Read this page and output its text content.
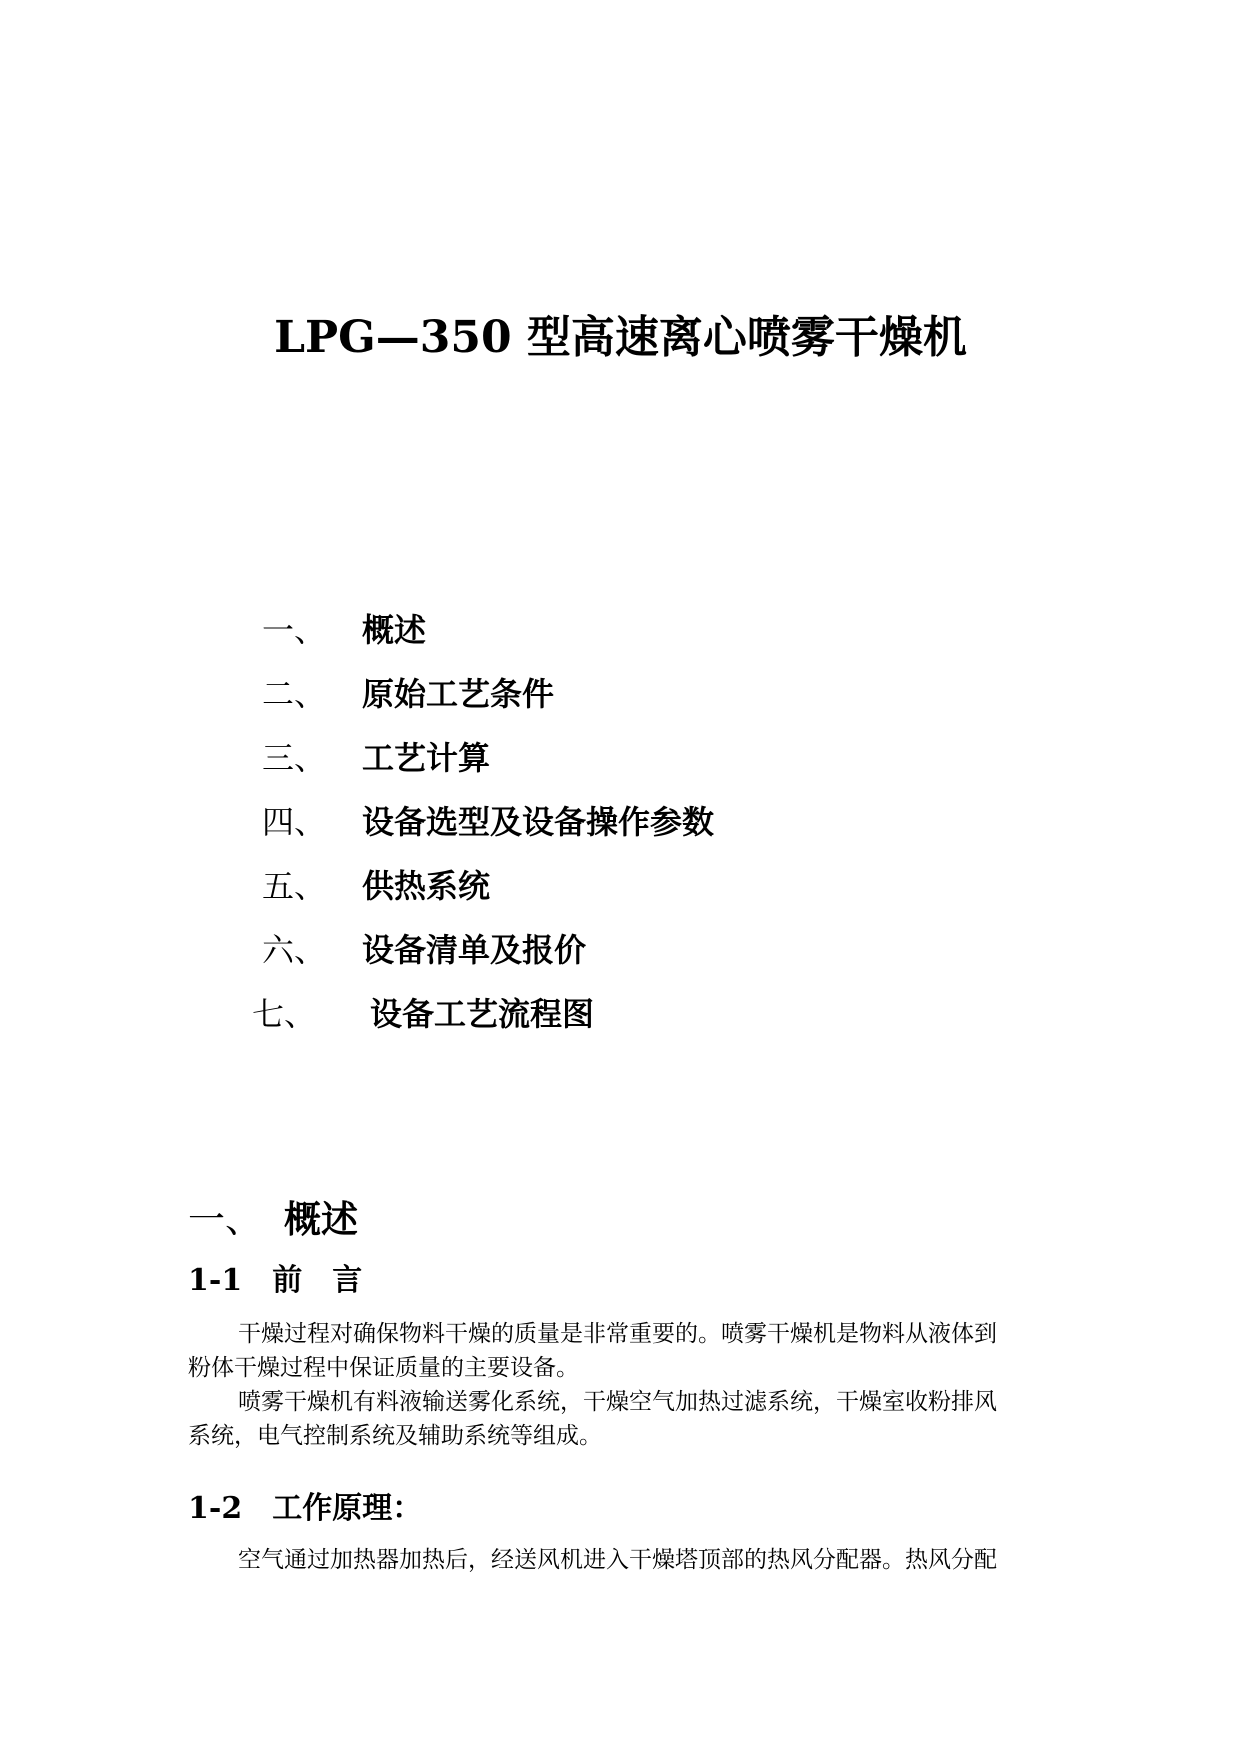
LPG—350 型高速离心喷雾干燥机
一、 概述
二、 原始工艺条件
三、 工艺计算
四、 设备选型及设备操作参数
五、 供热系统
六、 设备清单及报价
七、 设备工艺流程图
一、 概述
1-1 前　言
干燥过程对确保物料干燥的质量是非常重要的。喷雾干燥机是物料从液体到
粉体干燥过程中保证质量的主要设备。
喷雾干燥机有料液输送雾化系统，干燥空气加热过滤系统，干燥室收粉排风
系统，电气控制系统及辅助系统等组成。
1-2 工作原理：
空气通过加热器加热后，经送风机进入干燥塔顶部的热风分配器。热风分配
